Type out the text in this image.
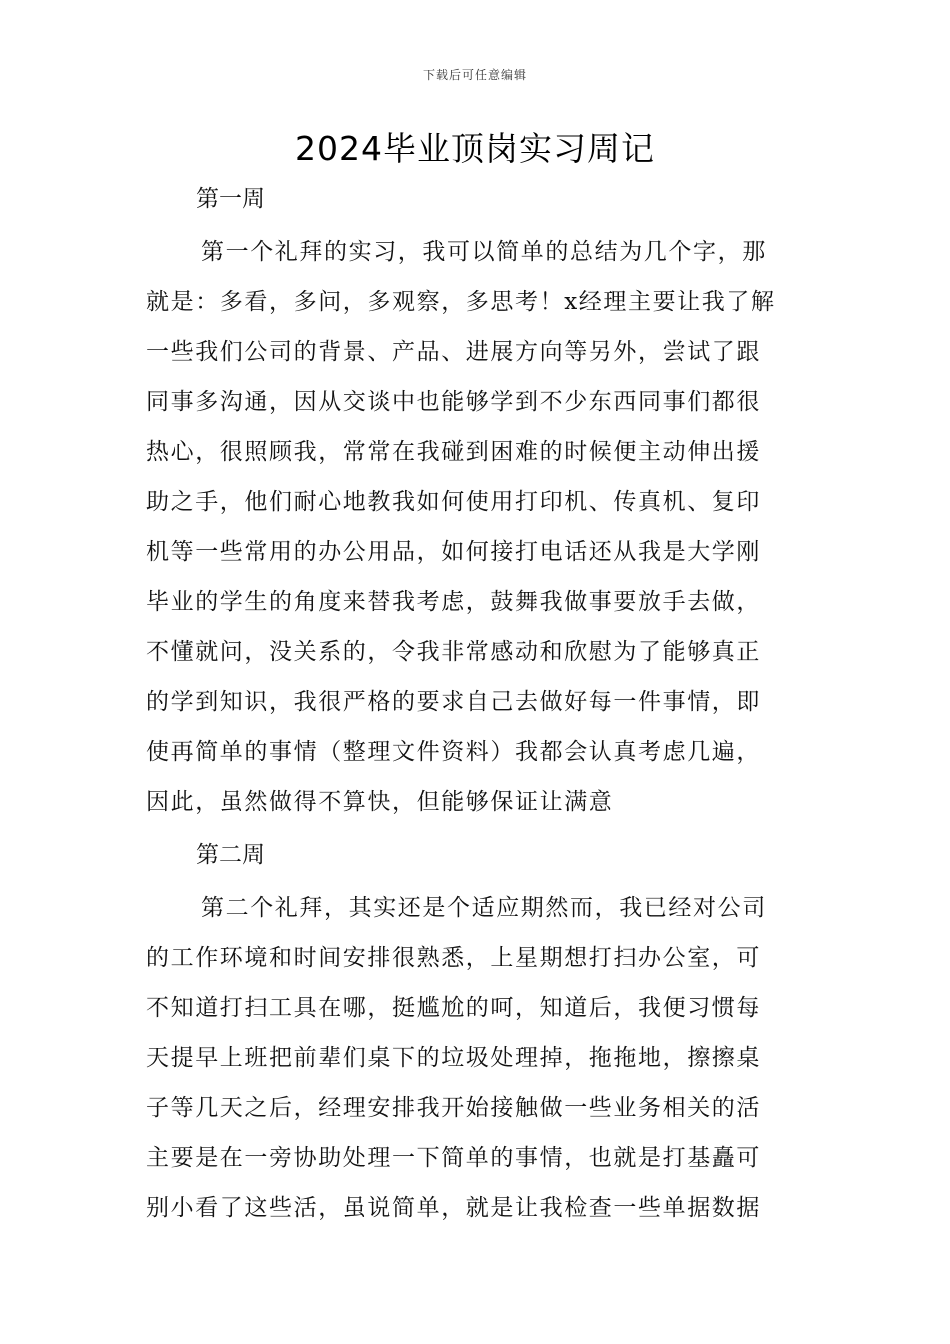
下载后可任意编辑
2024毕业顶岗实习周记
第一周

第一个礼拜的实习，我可以简单的总结为几个字，那
就是：多看，多问，多观察，多思考！x经理主要让我了解
一些我们公司的背景、产品、进展方向等另外，尝试了跟
同事多沟通，因从交谈中也能够学到不少东西同事们都很
热心，很照顾我，常常在我碰到困难的时候便主动伸出援
助之手，他们耐心地教我如何使用打印机、传真机、复印
机等一些常用的办公用品，如何接打电话还从我是大学刚
毕业的学生的角度来替我考虑，鼓舞我做事要放手去做，
不懂就问，没关系的，令我非常感动和欣慰为了能够真正
的学到知识，我很严格的要求自己去做好每一件事情，即
使再简单的事情（整理文件资料）我都会认真考虑几遍，
因此，虽然做得不算快，但能够保证让满意

第二周

第二个礼拜，其实还是个适应期然而，我已经对公司
的工作环境和时间安排很熟悉，上星期想打扫办公室，可
不知道打扫工具在哪，挺尴尬的呵，知道后，我便习惯每
天提早上班把前辈们桌下的垃圾处理掉，拖拖地，擦擦桌
子等几天之后，经理安排我开始接触做一些业务相关的活
主要是在一旁协助处理一下简单的事情，也就是打基矗可
别小看了这些活，虽说简单，就是让我检查一些单据数据
